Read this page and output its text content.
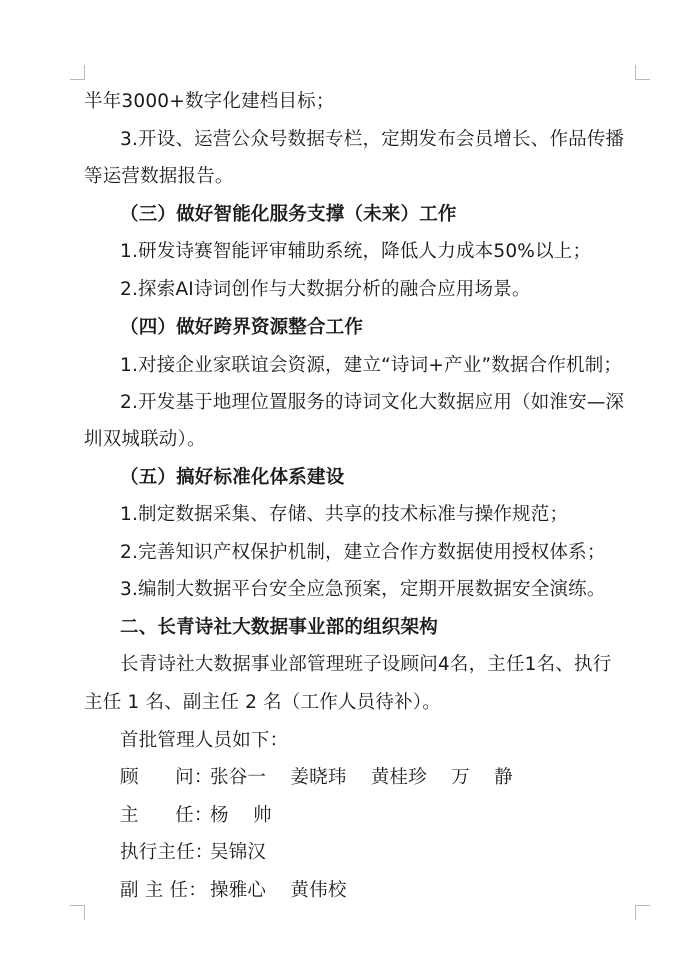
半年3000+数字化建档目标；
3.开设、运营公众号数据专栏，定期发布会员增长、作品传播
等运营数据报告。
（三）做好智能化服务支撑（未来）工作
1.研发诗赛智能评审辅助系统，降低人力成本50%以上；
2.探索AI诗词创作与大数据分析的融合应用场景。
（四）做好跨界资源整合工作
1.对接企业家联谊会资源，建立“诗词+产业”数据合作机制；
2.开发基于地理位置服务的诗词文化大数据应用（如淮安—深
圳双城联动）。
（五）搞好标准化体系建设
1.制定数据采集、存储、共享的技术标准与操作规范；
2.完善知识产权保护机制，建立合作方数据使用授权体系；
3.编制大数据平台安全应急预案，定期开展数据安全演练。
二、长青诗社大数据事业部的组织架构
长青诗社大数据事业部管理班子设顾问4名，主任1名、执行
主任 1 名、副主任 2 名（工作人员待补）。
首批管理人员如下：
顾      问：张谷一    姜晓玮    黄桂珍    万    静
主      任：杨    帅
执行主任：吴锦汉
副 主 任： 操雅心    黄伟校
